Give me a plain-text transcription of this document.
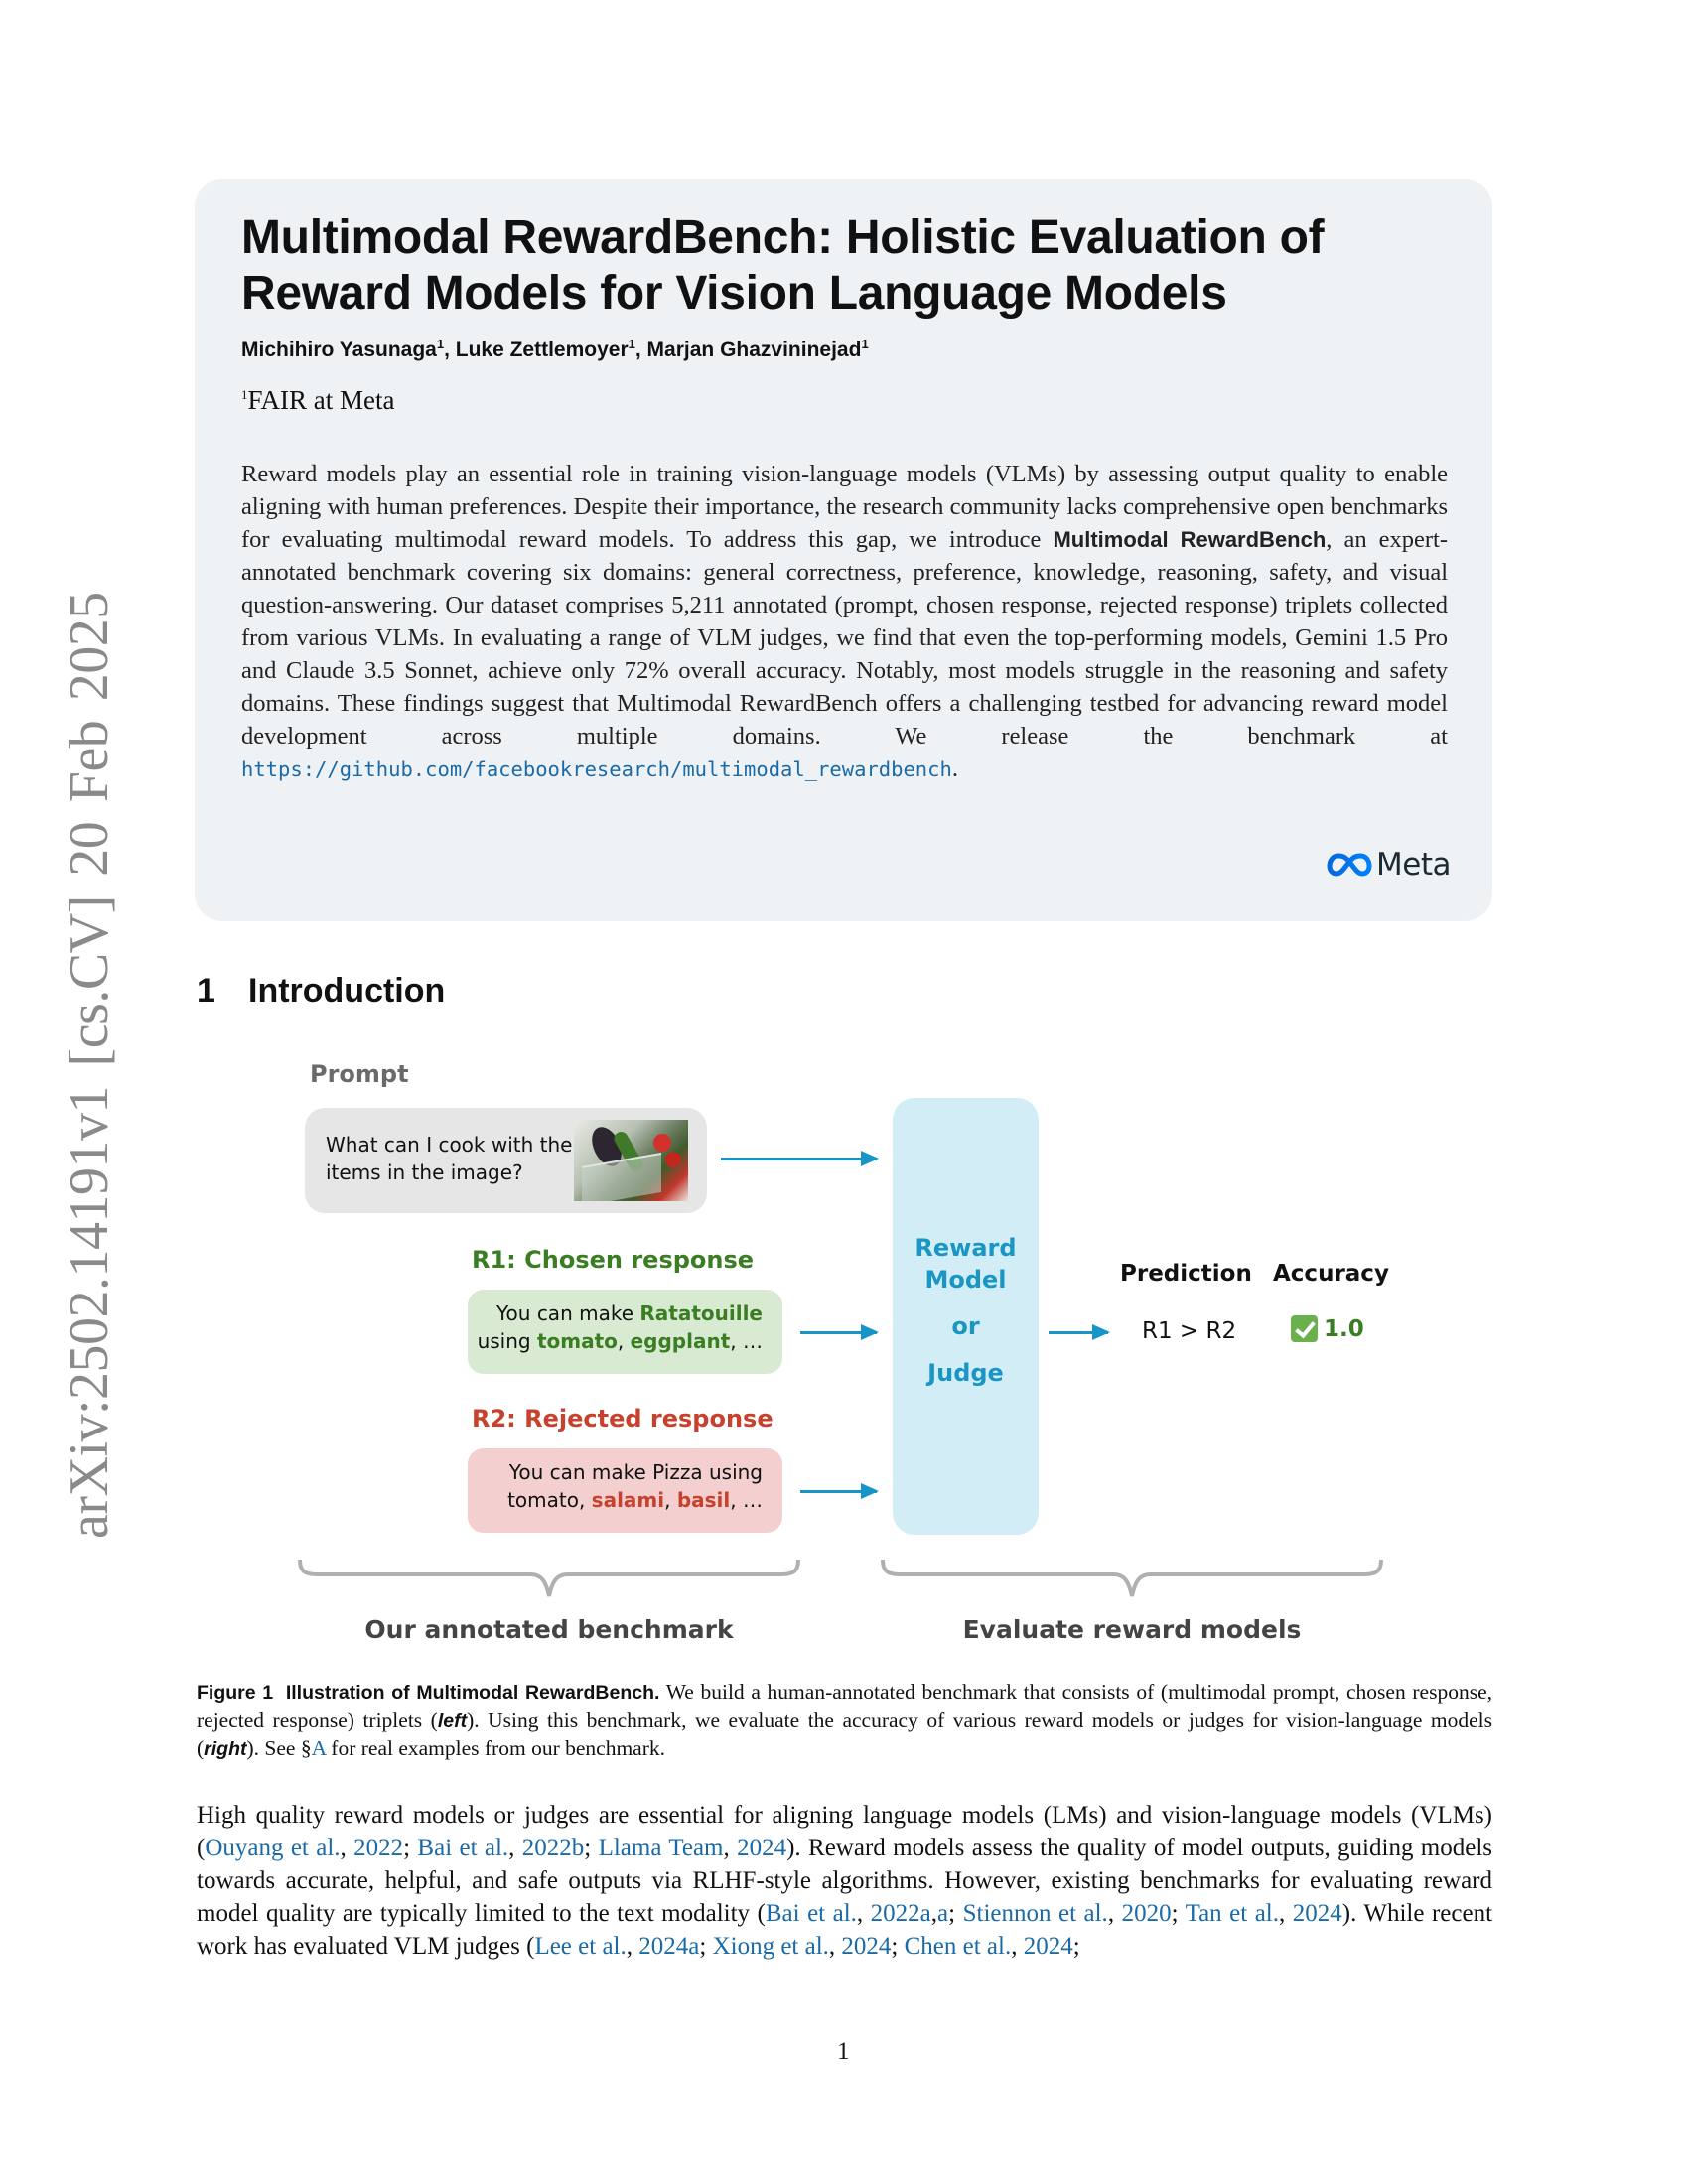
arXiv:2502.14191v1 [cs.CV] 20 Feb 2025
Multimodal RewardBench: Holistic Evaluation of
Reward Models for Vision Language Models
Michihiro Yasunaga$^1$, Luke Zettlemoyer$^1$, Marjan Ghazvininejad$^1$
$^1$FAIR at Meta

Reward models play an essential role in training vision-language models (VLMs) by assessing output quality to enable aligning with human preferences. Despite their importance, the research community lacks comprehensive open benchmarks for evaluating multimodal reward models. To address this gap, we introduce Multimodal RewardBench, an expert-annotated benchmark covering six domains: general correctness, preference, knowledge, reasoning, safety, and visual question-answering. Our dataset comprises 5,211 annotated (prompt, chosen response, rejected response) triplets collected from various VLMs. In evaluating a range of VLM judges, we find that even the top-performing models, Gemini 1.5 Pro and Claude 3.5 Sonnet, achieve only 72% overall accuracy. Notably, most models struggle in the reasoning and safety domains. These findings suggest that Multimodal RewardBench offers a challenging testbed for advancing reward model development across multiple domains. We release the benchmark at https://github.com/facebookresearch/multimodal_rewardbench.

Meta
1 Introduction
Prompt
What can I cook with the items in the image?
R1: Chosen response
You can make Ratatouille
using tomato, eggplant, …
R2: Rejected response
You can make Pizza using
tomato, salami, basil, …
Reward
Model
or
Judge
Prediction Accuracy
R1 > R2	1.0
Our annotated benchmark	Evaluate reward models

Figure 1 Illustration of Multimodal RewardBench. We build a human-annotated benchmark that consists of (multimodal prompt, chosen response, rejected response) triplets (left). Using this benchmark, we evaluate the accuracy of various reward models or judges for vision-language models (right). See §A for real examples from our benchmark.

High quality reward models or judges are essential for aligning language models (LMs) and vision-language models (VLMs) (Ouyang et al., 2022; Bai et al., 2022b; Llama Team, 2024). Reward models assess the quality of model outputs, guiding models towards accurate, helpful, and safe outputs via RLHF-style algorithms. However, existing benchmarks for evaluating reward model quality are typically limited to the text modality (Bai et al., 2022a,a; Stiennon et al., 2020; Tan et al., 2024). While recent work has evaluated VLM judges (Lee et al., 2024a; Xiong et al., 2024; Chen et al., 2024;

1
